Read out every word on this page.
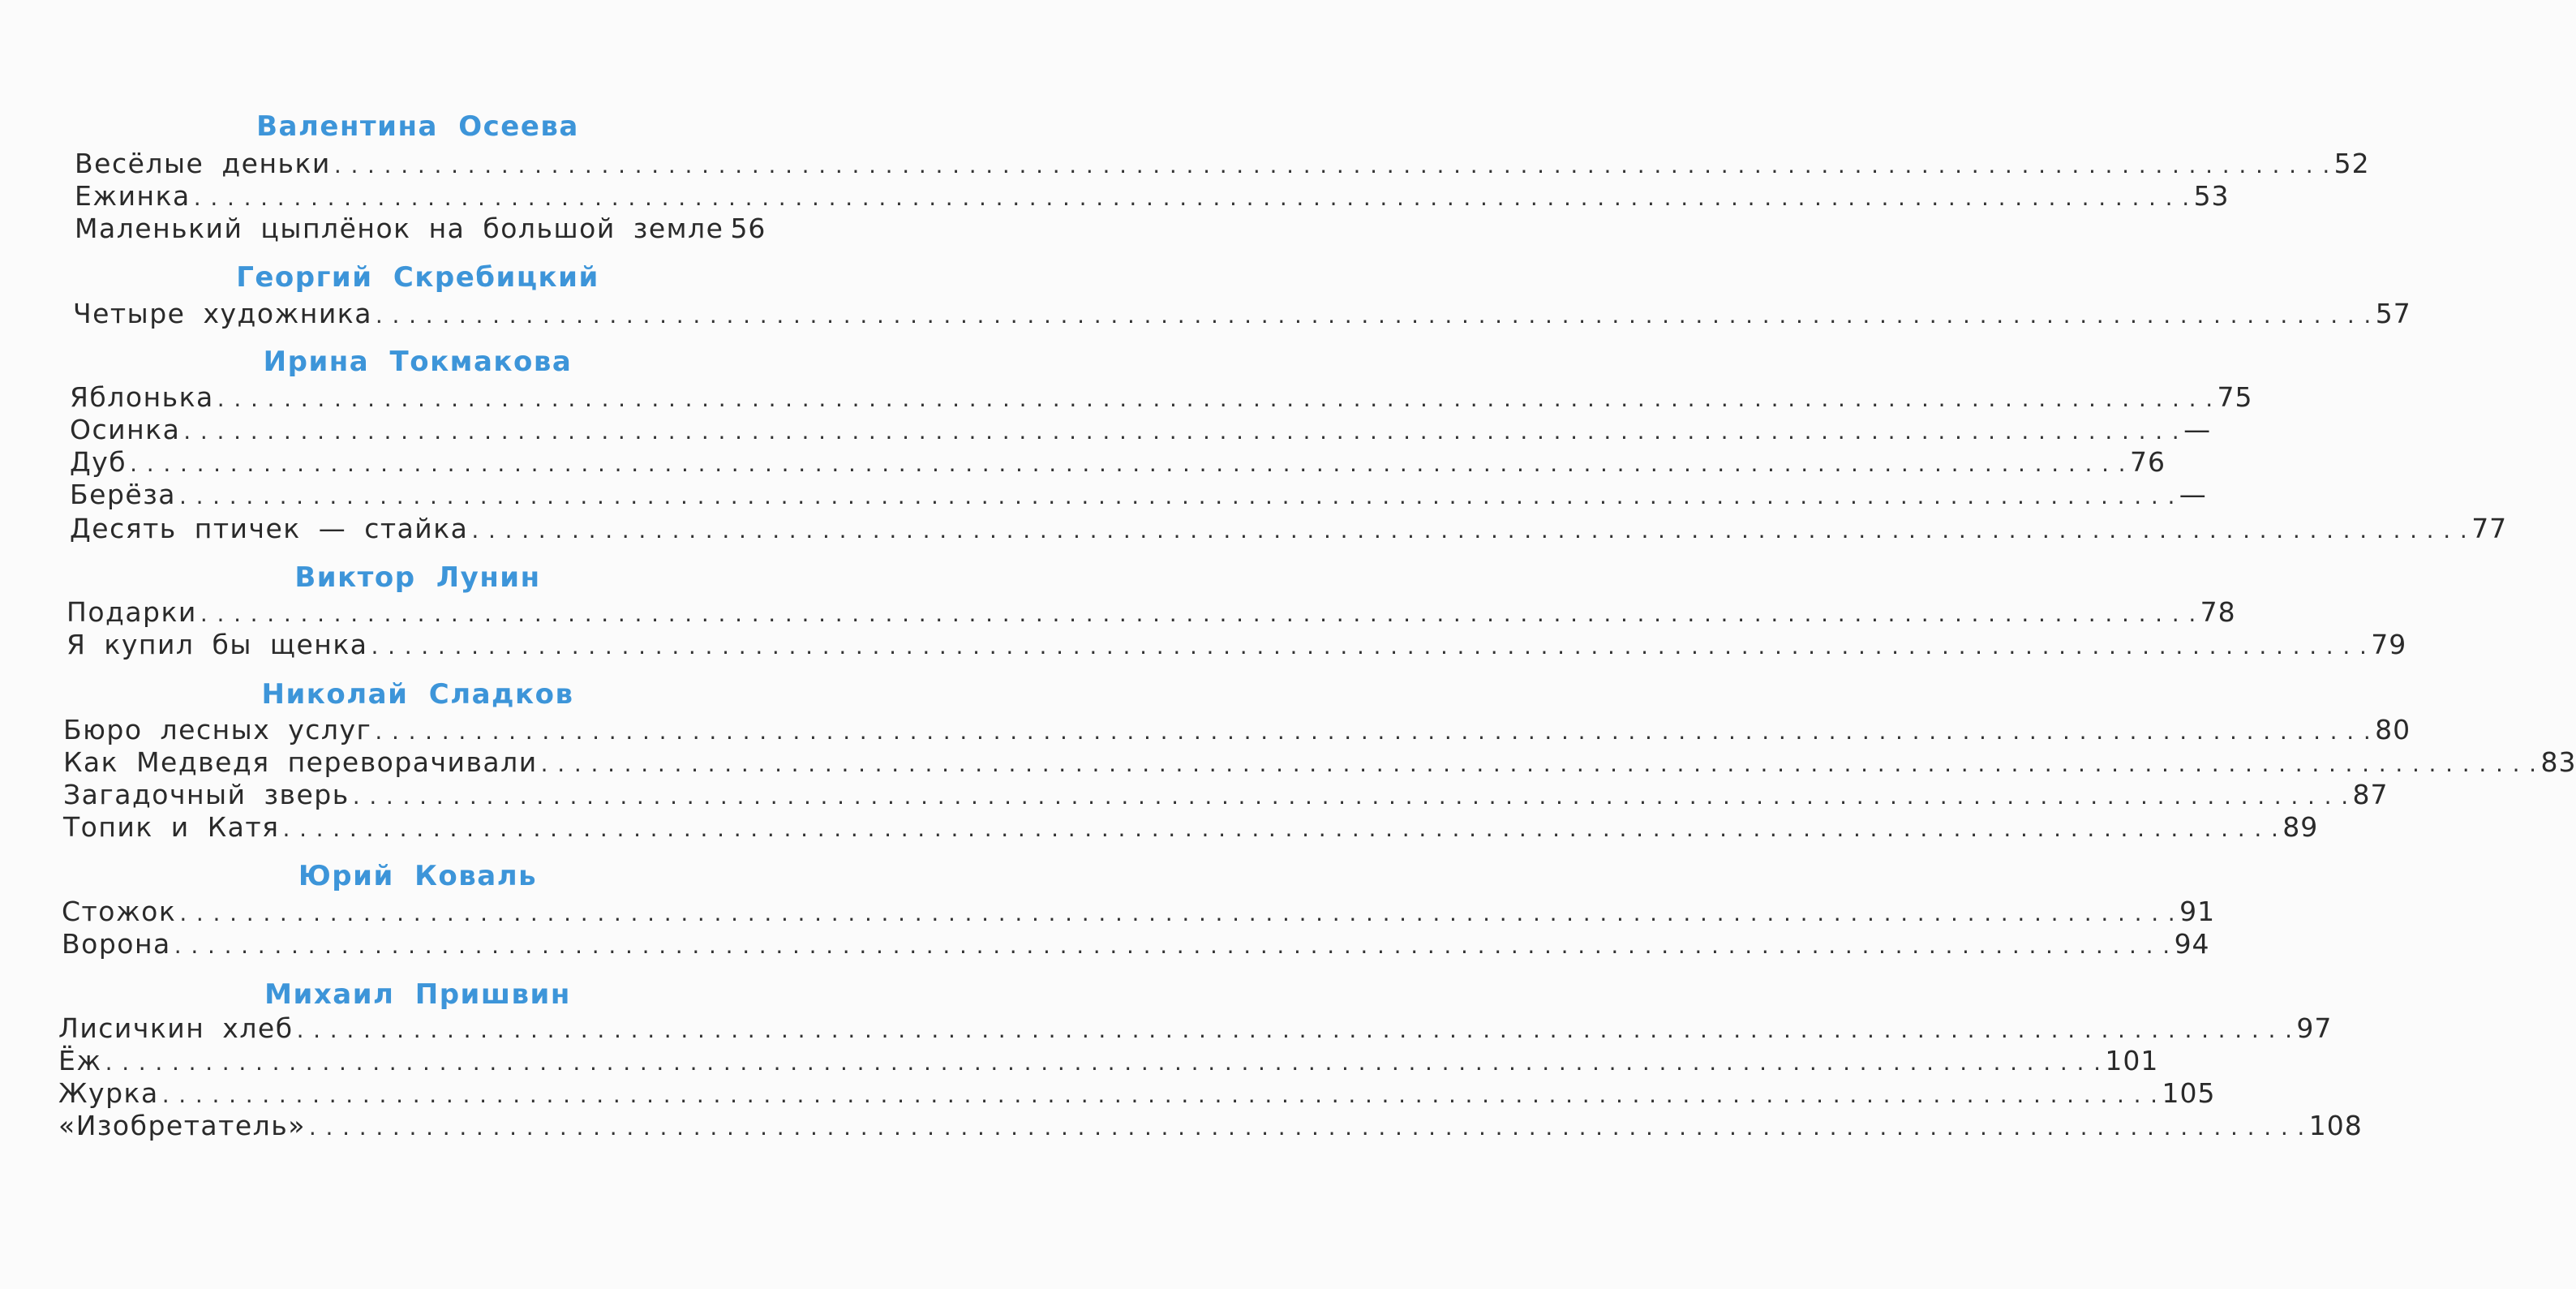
Валентина Осеева
Весёлые деньки . . . . . . . . . . . . . . . . . . . . . . . . . . . . . . . . . . . . . . . . . . . . . . . . . . . . . . . . . . . . . . . . . . . . . . . . . . . . . . . . . . . . . . . . . . . . . . . . . . . . . . . . . . . . . . . . . . . . . . . . 52
Ежинка . . . . . . . . . . . . . . . . . . . . . . . . . . . . . . . . . . . . . . . . . . . . . . . . . . . . . . . . . . . . . . . . . . . . . . . . . . . . . . . . . . . . . . . . . . . . . . . . . . . . . . . . . . . . . . . . . . . . . . . . 53
Маленький цыплёнок на большой земле 56
Георгий Скребицкий
Четыре художника . . . . . . . . . . . . . . . . . . . . . . . . . . . . . . . . . . . . . . . . . . . . . . . . . . . . . . . . . . . . . . . . . . . . . . . . . . . . . . . . . . . . . . . . . . . . . . . . . . . . . . . . . . . . . . . . . . . . . . . . 57
Ирина Токмакова
Яблонька . . . . . . . . . . . . . . . . . . . . . . . . . . . . . . . . . . . . . . . . . . . . . . . . . . . . . . . . . . . . . . . . . . . . . . . . . . . . . . . . . . . . . . . . . . . . . . . . . . . . . . . . . . . . . . . . . . . . . . . . 75
Осинка . . . . . . . . . . . . . . . . . . . . . . . . . . . . . . . . . . . . . . . . . . . . . . . . . . . . . . . . . . . . . . . . . . . . . . . . . . . . . . . . . . . . . . . . . . . . . . . . . . . . . . . . . . . . . . . . . . . . . . . . —
Дуб . . . . . . . . . . . . . . . . . . . . . . . . . . . . . . . . . . . . . . . . . . . . . . . . . . . . . . . . . . . . . . . . . . . . . . . . . . . . . . . . . . . . . . . . . . . . . . . . . . . . . . . . . . . . . . . . . . . . . . . . 76
Берёза . . . . . . . . . . . . . . . . . . . . . . . . . . . . . . . . . . . . . . . . . . . . . . . . . . . . . . . . . . . . . . . . . . . . . . . . . . . . . . . . . . . . . . . . . . . . . . . . . . . . . . . . . . . . . . . . . . . . . . . . —
Десять птичек — стайка . . . . . . . . . . . . . . . . . . . . . . . . . . . . . . . . . . . . . . . . . . . . . . . . . . . . . . . . . . . . . . . . . . . . . . . . . . . . . . . . . . . . . . . . . . . . . . . . . . . . . . . . . . . . . . . . . . . . . . . . 77
Виктор Лунин
Подарки . . . . . . . . . . . . . . . . . . . . . . . . . . . . . . . . . . . . . . . . . . . . . . . . . . . . . . . . . . . . . . . . . . . . . . . . . . . . . . . . . . . . . . . . . . . . . . . . . . . . . . . . . . . . . . . . . . . . . . . . 78
Я купил бы щенка . . . . . . . . . . . . . . . . . . . . . . . . . . . . . . . . . . . . . . . . . . . . . . . . . . . . . . . . . . . . . . . . . . . . . . . . . . . . . . . . . . . . . . . . . . . . . . . . . . . . . . . . . . . . . . . . . . . . . . . . 79
Николай Сладков
Бюро лесных услуг . . . . . . . . . . . . . . . . . . . . . . . . . . . . . . . . . . . . . . . . . . . . . . . . . . . . . . . . . . . . . . . . . . . . . . . . . . . . . . . . . . . . . . . . . . . . . . . . . . . . . . . . . . . . . . . . . . . . . . . . 80
Как Медведя переворачивали . . . . . . . . . . . . . . . . . . . . . . . . . . . . . . . . . . . . . . . . . . . . . . . . . . . . . . . . . . . . . . . . . . . . . . . . . . . . . . . . . . . . . . . . . . . . . . . . . . . . . . . . . . . . . . . . . . . . . . . . 83
Загадочный зверь . . . . . . . . . . . . . . . . . . . . . . . . . . . . . . . . . . . . . . . . . . . . . . . . . . . . . . . . . . . . . . . . . . . . . . . . . . . . . . . . . . . . . . . . . . . . . . . . . . . . . . . . . . . . . . . . . . . . . . . . 87
Топик и Катя . . . . . . . . . . . . . . . . . . . . . . . . . . . . . . . . . . . . . . . . . . . . . . . . . . . . . . . . . . . . . . . . . . . . . . . . . . . . . . . . . . . . . . . . . . . . . . . . . . . . . . . . . . . . . . . . . . . . . . . . 89
Юрий Коваль
Стожок . . . . . . . . . . . . . . . . . . . . . . . . . . . . . . . . . . . . . . . . . . . . . . . . . . . . . . . . . . . . . . . . . . . . . . . . . . . . . . . . . . . . . . . . . . . . . . . . . . . . . . . . . . . . . . . . . . . . . . . . 91
Ворона . . . . . . . . . . . . . . . . . . . . . . . . . . . . . . . . . . . . . . . . . . . . . . . . . . . . . . . . . . . . . . . . . . . . . . . . . . . . . . . . . . . . . . . . . . . . . . . . . . . . . . . . . . . . . . . . . . . . . . . . 94
Михаил Пришвин
Лисичкин хлеб . . . . . . . . . . . . . . . . . . . . . . . . . . . . . . . . . . . . . . . . . . . . . . . . . . . . . . . . . . . . . . . . . . . . . . . . . . . . . . . . . . . . . . . . . . . . . . . . . . . . . . . . . . . . . . . . . . . . . . . . 97
Ёж . . . . . . . . . . . . . . . . . . . . . . . . . . . . . . . . . . . . . . . . . . . . . . . . . . . . . . . . . . . . . . . . . . . . . . . . . . . . . . . . . . . . . . . . . . . . . . . . . . . . . . . . . . . . . . . . . . . . . . . . 101
Журка . . . . . . . . . . . . . . . . . . . . . . . . . . . . . . . . . . . . . . . . . . . . . . . . . . . . . . . . . . . . . . . . . . . . . . . . . . . . . . . . . . . . . . . . . . . . . . . . . . . . . . . . . . . . . . . . . . . . . . . . 105
«Изобретатель» . . . . . . . . . . . . . . . . . . . . . . . . . . . . . . . . . . . . . . . . . . . . . . . . . . . . . . . . . . . . . . . . . . . . . . . . . . . . . . . . . . . . . . . . . . . . . . . . . . . . . . . . . . . . . . . . . . . . . . . . 108
